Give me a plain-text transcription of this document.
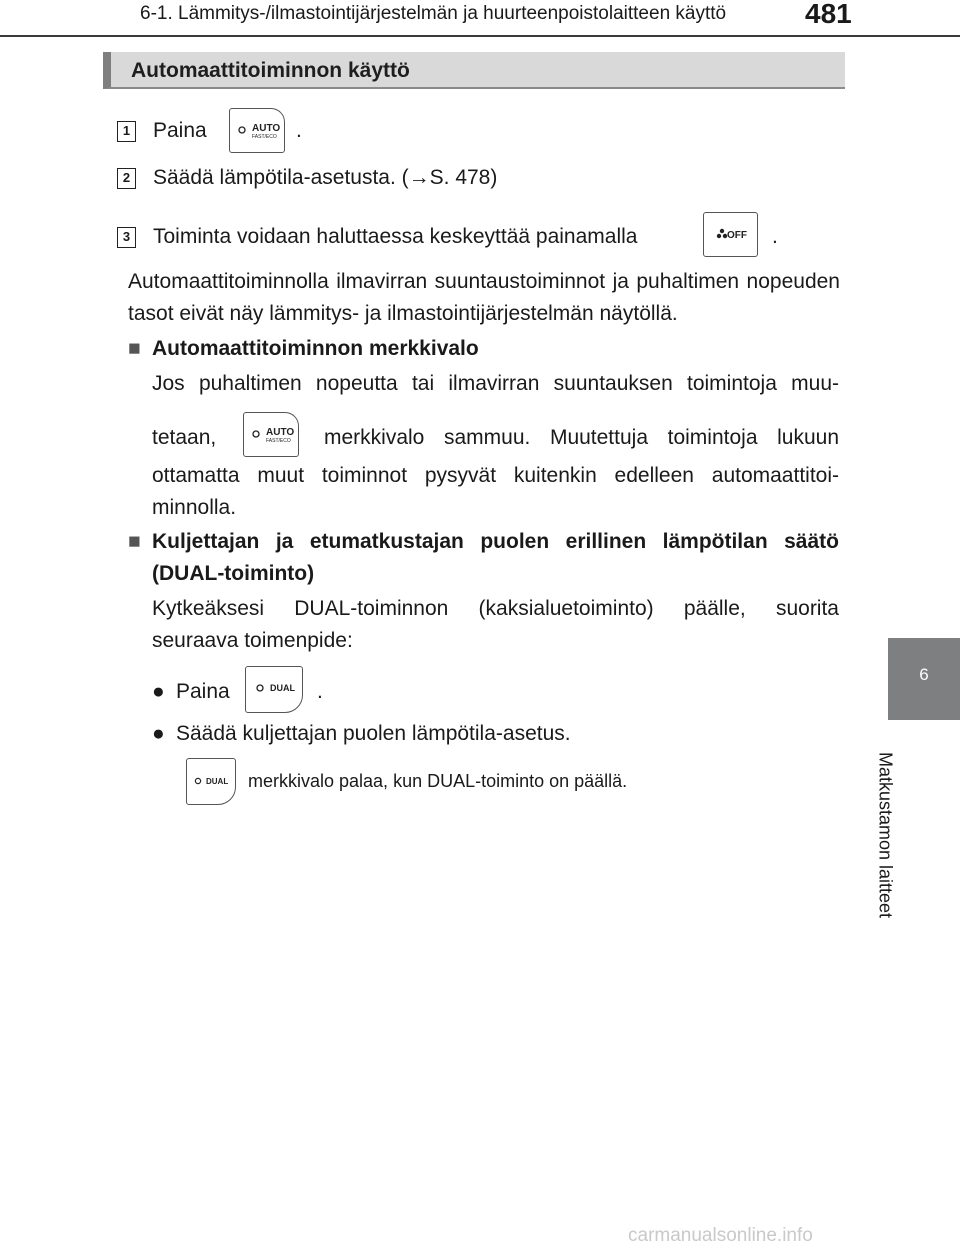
6-1. Lämmitys-/ilmastointijärjestelmän ja huurteenpoistolaitteen käyttö	481
6
Matkustamon laitteet
Automaattitoiminnon käyttö
1 Paina	AUTO
FAST/ECO .
2 Säädä lämpötila-asetusta. (→S. 478)
3 Toiminta voidaan haluttaessa keskeyttää painamalla	OFF .
Automaattitoiminnolla ilmavirran suuntaustoiminnot ja puhaltimen nopeuden tasot eivät näy lämmitys- ja ilmastointijärjestelmän näytöllä.
■ Automaattitoiminnon merkkivalo
Jos puhaltimen nopeutta tai ilmavirran suuntauksen toimintoja muu-
tetaan,	AUTO
FAST/ECO merkkivalo sammuu. Muutettuja toimintoja lukuun
ottamatta muut toiminnot pysyvät kuitenkin edelleen automaattitoi-
minnolla.
■ Kuljettajan ja etumatkustajan puolen erillinen lämpötilan säätö
(DUAL-toiminto)
Kytkeäksesi DUAL-toiminnon (kaksialuetoiminto) päälle, suorita
seuraava toimenpide:
● Paina	DUAL .
● Säädä kuljettajan puolen lämpötila-asetus.
DUAL merkkivalo palaa, kun DUAL-toiminto on päällä.
carmanualsonline.info
